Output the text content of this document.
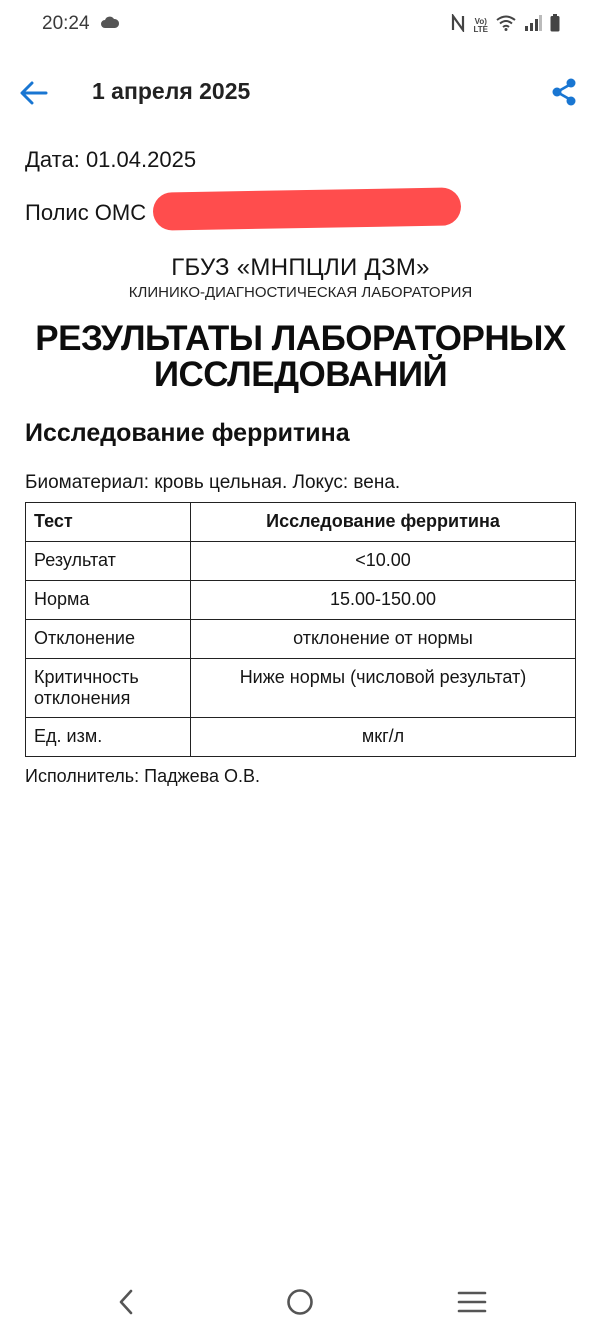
20:24	Vo)
LTE
1 апреля 2025
Дата: 01.04.2025
Полис ОМС
ГБУЗ «МНПЦЛИ ДЗМ»
КЛИНИКО-ДИАГНОСТИЧЕСКАЯ ЛАБОРАТОРИЯ
РЕЗУЛЬТАТЫ ЛАБОРАТОРНЫХ
ИССЛЕДОВАНИЙ
Исследование ферритина
Биоматериал: кровь цельная. Локус: вена.
Тест	Исследование ферритина
Результат	<10.00
Норма	15.00-150.00
Отклонение	отклонение от нормы
Критичность отклонения	Ниже нормы (числовой результат)
Ед. изм.	мкг/л
Исполнитель: Паджева О.В.
